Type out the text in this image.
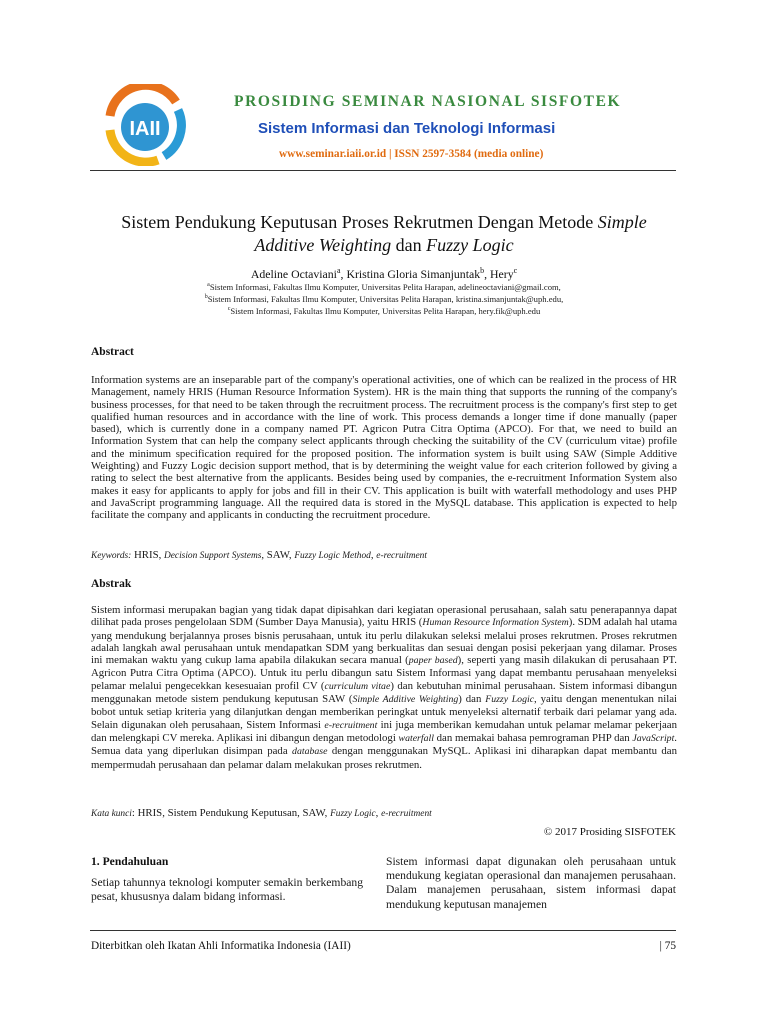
IAII
PROSIDING SEMINAR NASIONAL SISFOTEK
Sistem Informasi dan Teknologi Informasi
www.seminar.iaii.or.id | ISSN 2597-3584 (media online)
Sistem Pendukung Keputusan Proses Rekrutmen Dengan Metode Simple
Additive Weighting dan Fuzzy Logic
Adeline Octaviani$^a$, Kristina Gloria Simanjuntak$^b$, Hery$^c$
$^a$Sistem Informasi, Fakultas Ilmu Komputer, Universitas Pelita Harapan, adelineoctaviani@gmail.com,
$^b$Sistem Informasi, Fakultas Ilmu Komputer, Universitas Pelita Harapan, kristina.simanjuntak@uph.edu,
$^c$Sistem Informasi, Fakultas Ilmu Komputer, Universitas Pelita Harapan, hery.fik@uph.edu
Abstract
Information systems are an inseparable part of the company's operational activities, one of which can be realized in the process of HR Management, namely HRIS (Human Resource Information System). HR is the main thing that supports the running of the company's business processes, for that need to be taken through the recruitment process. The recruitment process is the company's first step to get qualified human resources and in accordance with the line of work. This process demands a longer time if done manually (paper based), which is currently done in a company named PT. Agricon Putra Citra Optima (APCO). For that, we need to build an Information System that can help the company select applicants through checking the suitability of the CV (curriculum vitae) profile and the minimum specification required for the proposed position. The information system is built using SAW (Simple Additive Weighting) and Fuzzy Logic decision support method, that is by determining the weight value for each criterion followed by giving a rating to select the best alternative from the applicants. Besides being used by companies, the e-recruitment Information System also makes it easy for applicants to apply for jobs and fill in their CV. This application is built with waterfall methodology and uses PHP and JavaScript programming language. All the required data is stored in the MySQL database. This application is expected to help facilitate the company and applicants in conducting the recruitment procedure.
Keywords: HRIS, Decision Support Systems, SAW, Fuzzy Logic Method, e-recruitment
Abstrak
Sistem informasi merupakan bagian yang tidak dapat dipisahkan dari kegiatan operasional perusahaan, salah satu penerapannya dapat dilihat pada proses pengelolaan SDM (Sumber Daya Manusia), yaitu HRIS (Human Resource Information System). SDM adalah hal utama yang mendukung berjalannya proses bisnis perusahaan, untuk itu perlu dilakukan seleksi melalui proses rekrutmen. Proses rekrutmen adalah langkah awal perusahaan untuk mendapatkan SDM yang berkualitas dan sesuai dengan posisi pekerjaan yang dilamar. Proses ini memakan waktu yang cukup lama apabila dilakukan secara manual (paper based), seperti yang masih dilakukan di perusahaan PT. Agricon Putra Citra Optima (APCO). Untuk itu perlu dibangun satu Sistem Informasi yang dapat membantu perusahaan menyeleksi pelamar melalui pengecekkan kesesuaian profil CV (curriculum vitae) dan kebutuhan minimal perusahaan. Sistem informasi dibangun menggunakan metode sistem pendukung keputusan SAW (Simple Additive Weighting) dan Fuzzy Logic, yaitu dengan menentukan nilai bobot untuk setiap kriteria yang dilanjutkan dengan memberikan peringkat untuk menyeleksi alternatif terbaik dari pelamar yang ada. Selain digunakan oleh perusahaan, Sistem Informasi e-recruitment ini juga memberikan kemudahan untuk pelamar melamar pekerjaan dan melengkapi CV mereka. Aplikasi ini dibangun dengan metodologi waterfall dan memakai bahasa pemrograman PHP dan JavaScript. Semua data yang diperlukan disimpan pada database dengan menggunakan MySQL. Aplikasi ini diharapkan dapat membantu dan mempermudah perusahaan dan pelamar dalam melakukan proses rekrutmen.
Kata kunci: HRIS, Sistem Pendukung Keputusan, SAW, Fuzzy Logic, e-recruitment
© 2017 Prosiding SISFOTEK
1. Pendahuluan
Setiap tahunnya teknologi komputer semakin berkembang pesat, khususnya dalam bidang informasi.
Sistem informasi dapat digunakan oleh perusahaan untuk mendukung kegiatan operasional dan manajemen perusahaan. Dalam manajemen perusahaan, sistem informasi dapat mendukung keputusan manajemen
Diterbitkan oleh Ikatan Ahli Informatika Indonesia (IAII)	| 75
